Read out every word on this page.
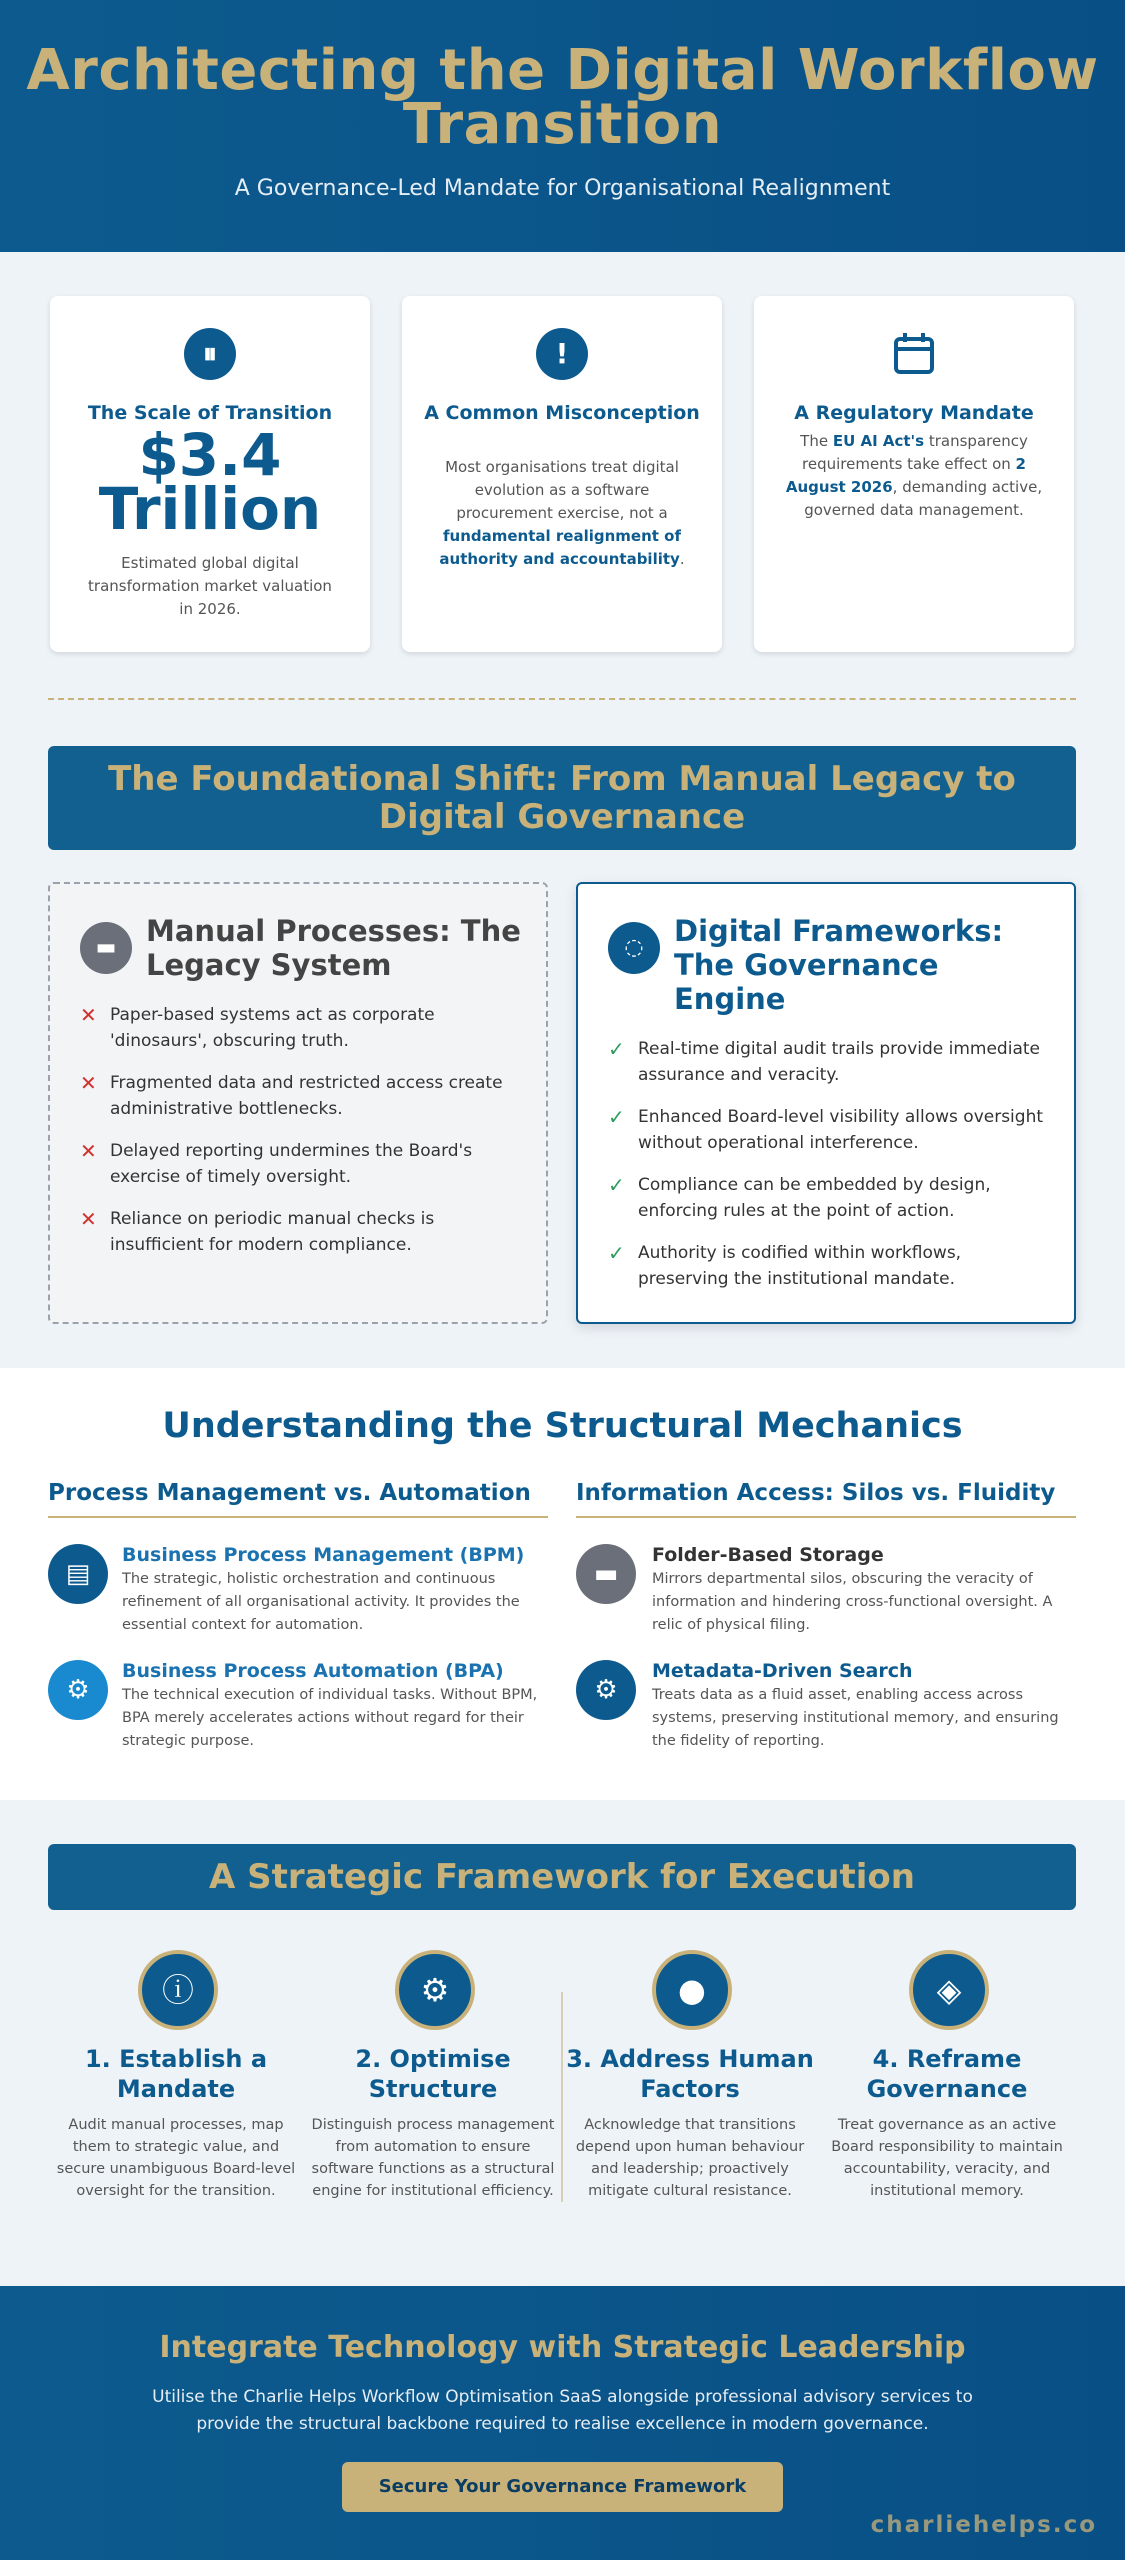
Architecting the Digital Workflow Transition
A Governance-Led Mandate for Organisational Realignment
⏸
The Scale of Transition
$3.4 Trillion

Estimated global digital transformation market valuation in 2026.

!
A Common Misconception

Most organisations treat digital evolution as a software procurement exercise, not a fundamental realignment of authority and accountability.

A Regulatory Mandate

The EU AI Act's transparency requirements take effect on 2 August 2026, demanding active, governed data management.

The Foundational Shift: From Manual Legacy to Digital Governance
▬	Manual Processes: The Legacy System
✕ Paper-based systems act as corporate 'dinosaurs', obscuring truth.
✕ Fragmented data and restricted access create administrative bottlenecks.
✕ Delayed reporting undermines the Board's exercise of timely oversight.
✕ Reliance on periodic manual checks is insufficient for modern compliance.
◌	Digital Frameworks: The Governance Engine
✓ Real-time digital audit trails provide immediate assurance and veracity.
✓ Enhanced Board-level visibility allows oversight without operational interference.
✓ Compliance can be embedded by design, enforcing rules at the point of action.
✓ Authority is codified within workflows, preserving the institutional mandate.
Understanding the Structural Mechanics
Process Management vs. Automation	Information Access: Silos vs. Fluidity
▤
Business Process Management (BPM)
The strategic, holistic orchestration and continuous refinement of all organisational activity. It provides the essential context for automation.
⚙
Business Process Automation (BPA)
The technical execution of individual tasks. Without BPM, BPA merely accelerates actions without regard for their strategic purpose.
▬
Folder-Based Storage
Mirrors departmental silos, obscuring the veracity of information and hindering cross-functional oversight. A relic of physical filing.
⚙
Metadata-Driven Search
Treats data as a fluid asset, enabling access across systems, preserving institutional memory, and ensuring the fidelity of reporting.
A Strategic Framework for Execution
ⓘ
1. Establish a Mandate

Audit manual processes, map them to strategic value, and secure unambiguous Board-level oversight for the transition.

⚙
2. Optimise Structure

Distinguish process management from automation to ensure software functions as a structural engine for institutional efficiency.

●
3. Address Human Factors

Acknowledge that transitions depend upon human behaviour and leadership; proactively mitigate cultural resistance.

◈
4. Reframe Governance

Treat governance as an active Board responsibility to maintain accountability, veracity, and institutional memory.

Integrate Technology with Strategic Leadership

Utilise the Charlie Helps Workflow Optimisation SaaS alongside professional advisory services to provide the structural backbone required to realise excellence in modern governance.

Secure Your Governance Framework
charliehelps.co
